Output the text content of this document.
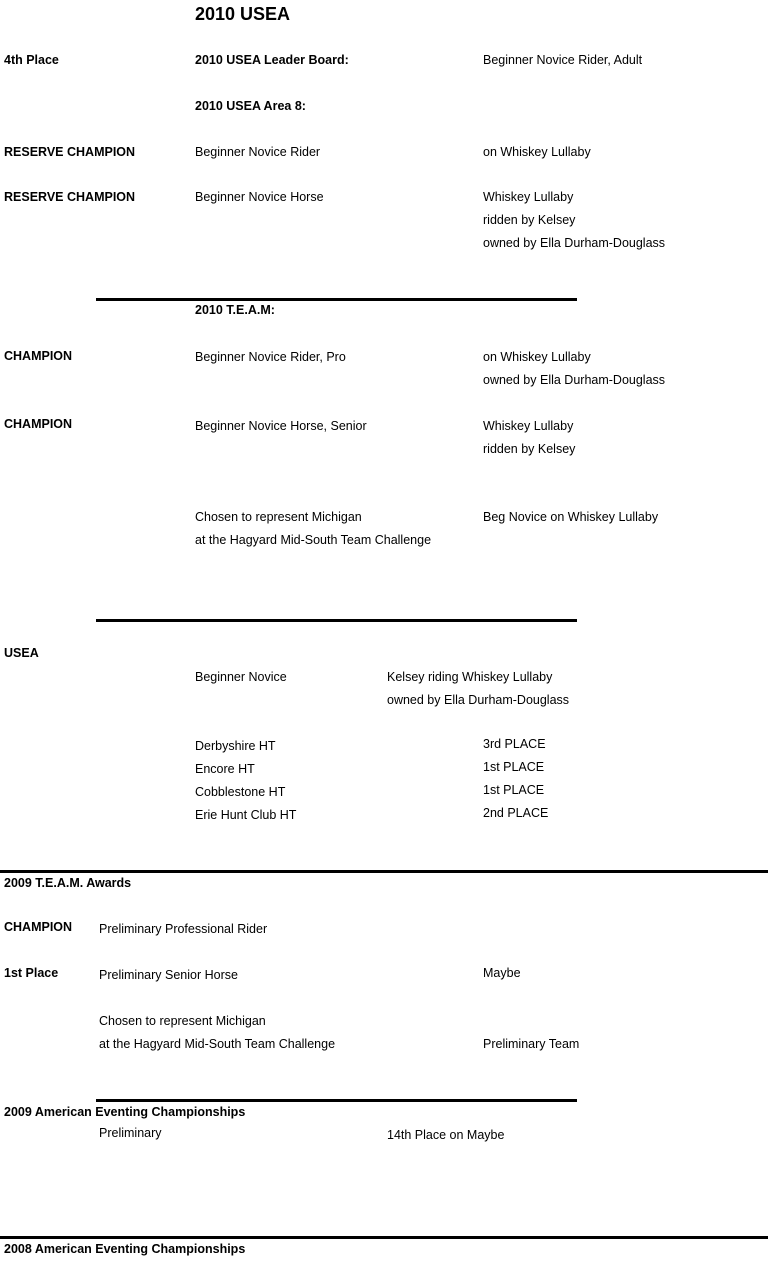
2010 USEA
4th Place	2010 USEA Leader Board:	Beginner Novice Rider, Adult
2010 USEA Area 8:
RESERVE CHAMPION	Beginner Novice Rider	on Whiskey Lullaby
RESERVE CHAMPION	Beginner Novice Horse	Whiskey Lullaby
ridden by Kelsey
owned by Ella Durham-Douglass
2010 T.E.A.M:
CHAMPION	Beginner Novice Rider, Pro	on Whiskey Lullaby
owned by Ella Durham-Douglass
CHAMPION	Beginner Novice Horse, Senior	Whiskey Lullaby
ridden by Kelsey
Chosen to represent Michigan
at the Hagyard Mid-South Team Challenge
Beg Novice on Whiskey Lullaby
USEA
Beginner Novice	Kelsey riding Whiskey Lullaby
owned by Ella Durham-Douglass
Derbyshire HT	3rd PLACE
Encore HT	1st PLACE
Cobblestone HT	1st PLACE
Erie Hunt Club HT	2nd PLACE
2009 T.E.A.M. Awards
CHAMPION Preliminary Professional Rider
1st Place	Preliminary Senior Horse	Maybe
Chosen to represent Michigan
at the Hagyard Mid-South Team Challenge	Preliminary Team
2009 American Eventing Championships
Preliminary	14th Place on Maybe
2008 American Eventing Championships
